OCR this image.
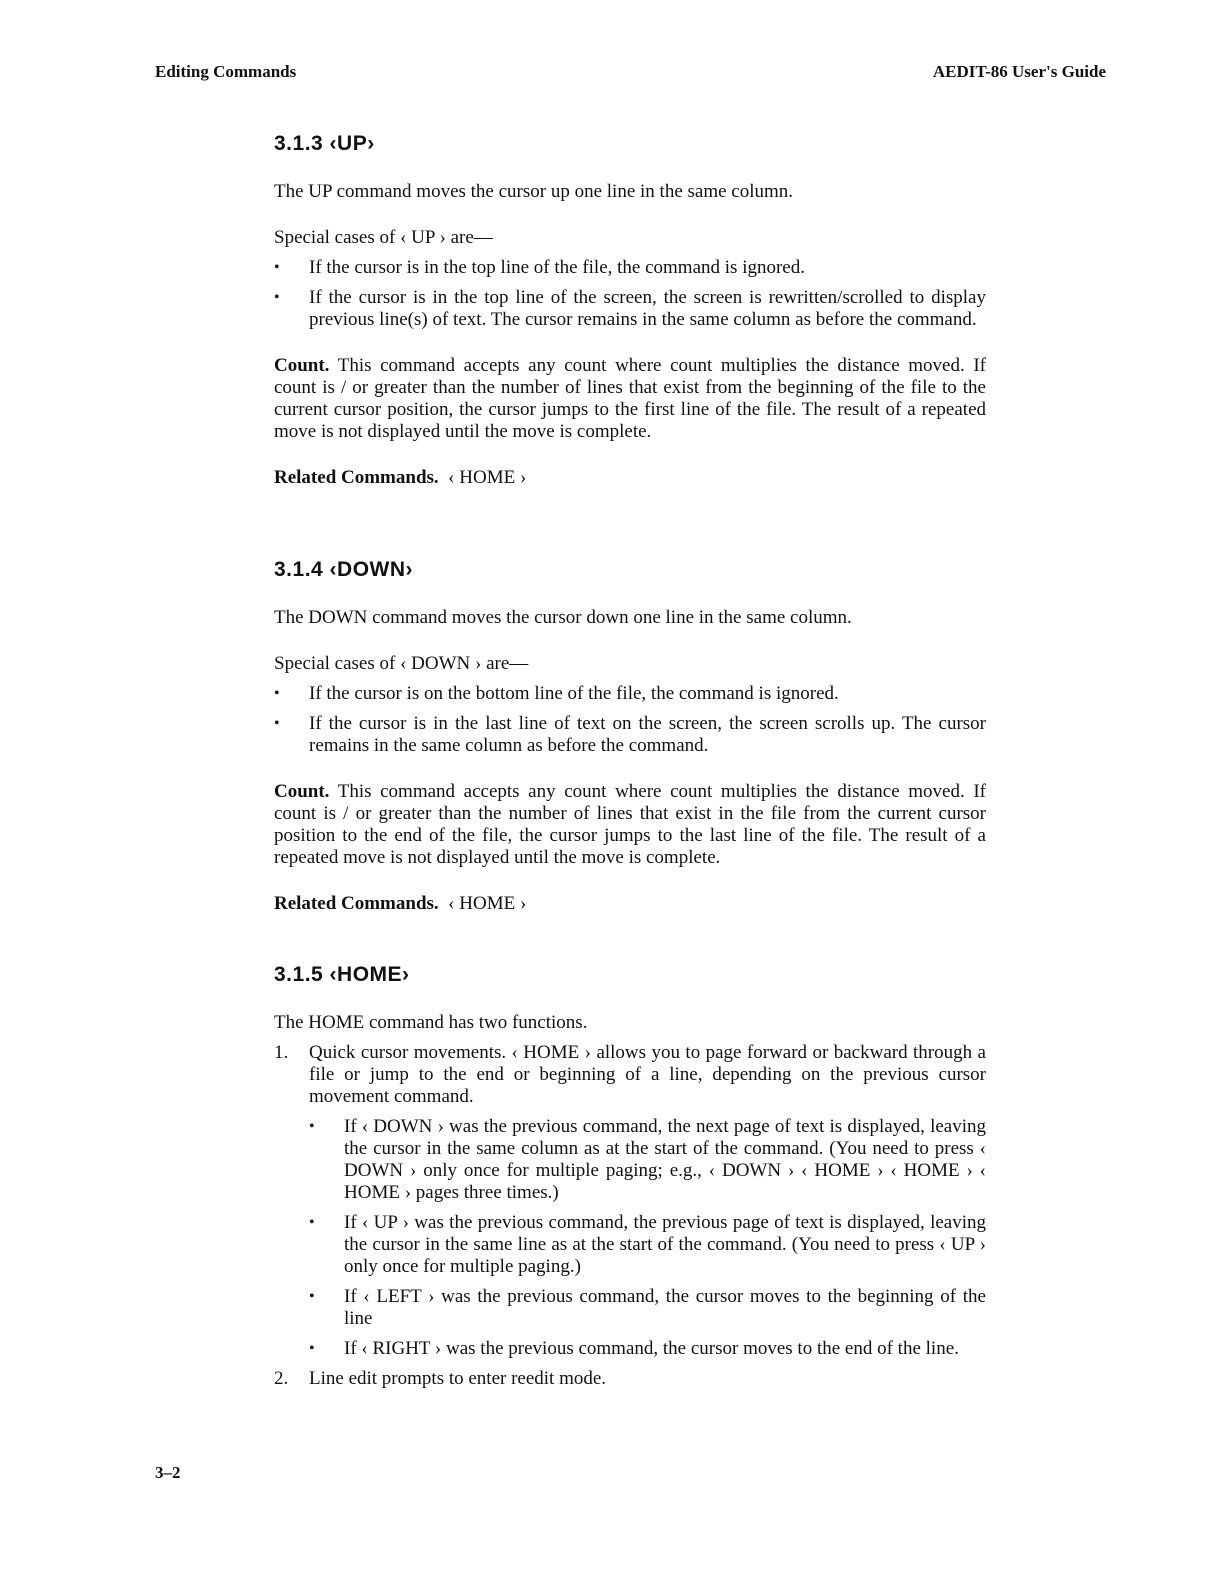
Editing Commands	AEDIT-86 User's Guide
3.1.3 ‹UP›

The UP command moves the cursor up one line in the same column.

Special cases of ‹ UP › are—

• If the cursor is in the top line of the file, the command is ignored.
• If the cursor is in the top line of the screen, the screen is rewritten/scrolled to display previous line(s) of text. The cursor remains in the same column as before the command.

Count. This command accepts any count where count multiplies the distance moved. If count is / or greater than the number of lines that exist from the beginning of the file to the current cursor position, the cursor jumps to the first line of the file. The result of a repeated move is not displayed until the move is complete.

Related Commands. ‹ HOME ›

3.1.4 ‹DOWN›

The DOWN command moves the cursor down one line in the same column.

Special cases of ‹ DOWN › are—

• If the cursor is on the bottom line of the file, the command is ignored.
• If the cursor is in the last line of text on the screen, the screen scrolls up. The cursor remains in the same column as before the command.

Count. This command accepts any count where count multiplies the distance moved. If count is / or greater than the number of lines that exist in the file from the current cursor position to the end of the file, the cursor jumps to the last line of the file. The result of a repeated move is not displayed until the move is complete.

Related Commands. ‹ HOME ›

3.1.5 ‹HOME›

The HOME command has two functions.

1. Quick cursor movements. ‹ HOME › allows you to page forward or backward through a file or jump to the end or beginning of a line, depending on the previous cursor movement command.
• If ‹ DOWN › was the previous command, the next page of text is displayed, leaving the cursor in the same column as at the start of the command. (You need to press ‹ DOWN › only once for multiple paging; e.g., ‹ DOWN › ‹ HOME › ‹ HOME › ‹ HOME › pages three times.)
• If ‹ UP › was the previous command, the previous page of text is displayed, leaving the cursor in the same line as at the start of the command. (You need to press ‹ UP › only once for multiple paging.)
• If ‹ LEFT › was the previous command, the cursor moves to the beginning of the line
• If ‹ RIGHT › was the previous command, the cursor moves to the end of the line.
2. Line edit prompts to enter reedit mode.
3–2
